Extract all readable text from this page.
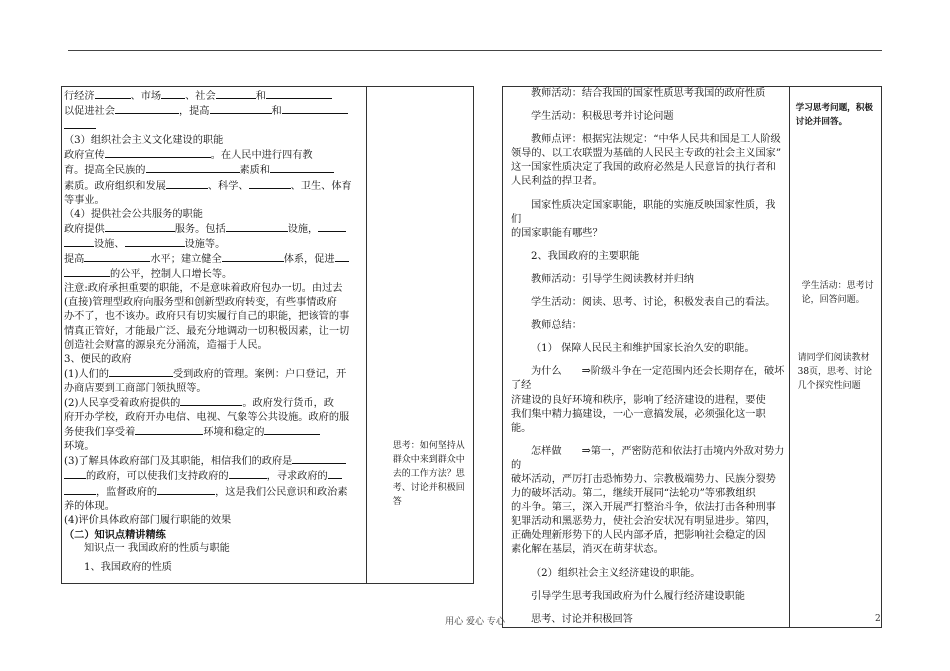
行经济	、市场 、社会	和

以促进社会	，提高	和

（3）组织社会主义文化建设的职能

政府宣传	。在人民中进行四有教

育。提高全民族的	素质和

素质。政府组织和发展	、科学、	、卫生、体育

等事业。

（4）提供社会公共服务的职能

政府提供	服务。包括	设施，

设施、	设施等。

提高	水平；建立健全	体系，促进

的公平，控制人口增长等。

注意:政府承担重要的职能，不是意味着政府包办一切。由过去

(直接)管理型政府向服务型和创新型政府转变，有些事情政府

办不了，也不该办。政府只有切实履行自己的职能，把该管的事

情真正管好，才能最广泛、最充分地调动一切积极因素，让一切

创造社会财富的源泉充分涌流，造福于人民。

3、便民的政府

(1)人们的	受到政府的管理。案例：户口登记，开

办商店要到工商部门领执照等。

(2)人民享受着政府提供的	。政府发行货币，政

府开办学校，政府开办电信、电视、气象等公共设施。政府的服

务使我们享受着	环境和稳定的

环境。

(3)了解具体政府部门及其职能，相信我们的政府是

的政府，可以使我们支持政府的	，寻求政府的

，监督政府的	，这是我们公民意识和政治素

养的体现。

(4)评价具体政府部门履行职能的效果

（二）知识点精讲精练

知识点一 我国政府的性质与职能

1、我国政府的性质

思考：如何坚持从群众中来到群众中去的工作方法？思考、讨论并积极回答

教师活动：结合我国的国家性质思考我国的政府性质

学生活动：积极思考并讨论问题

教师点评：根据宪法规定：“中华人民共和国是工人阶级

领导的、以工农联盟为基础的人民民主专政的社会主义国家”

这一国家性质决定了我国的政府必然是人民意旨的执行者和

人民利益的捍卫者。

国家性质决定国家职能，职能的实施反映国家性质，我们

的国家职能有哪些？

2、我国政府的主要职能

教师活动：引导学生阅读教材并归纳

学生活动：阅读、思考、讨论，积极发表自己的看法。

教师总结：

（1） 保障人民民主和维护国家长治久安的职能。

为什么 ⇒阶级斗争在一定范围内还会长期存在，破坏了经

济建设的良好环境和秩序，影响了经济建设的进程，要使

我们集中精力搞建设，一心一意搞发展，必须强化这一职

能。

怎样做 ⇒第一，严密防范和依法打击境内外敌对势力的

破坏活动，严厉打击恐怖势力、宗教极端势力、民族分裂势

力的破坏活动。第二，继续开展同“法轮功”等邪教组织

的斗争。第三，深入开展严打整治斗争，依法打击各种刑事

犯罪活动和黑恶势力，使社会治安状况有明显进步。第四，

正确处理新形势下的人民内部矛盾，把影响社会稳定的因

素化解在基层，消灭在萌芽状态。

（2）组织社会主义经济建设的职能。

引导学生思考我国政府为什么履行经济建设职能

思考、讨论并积极回答

学习思考问题，积极讨论并回答。
学生活动：思考讨论，回答问题。
请同学们阅读教材38页，思考、讨论几个探究性问题
用心 爱心 专心	2
